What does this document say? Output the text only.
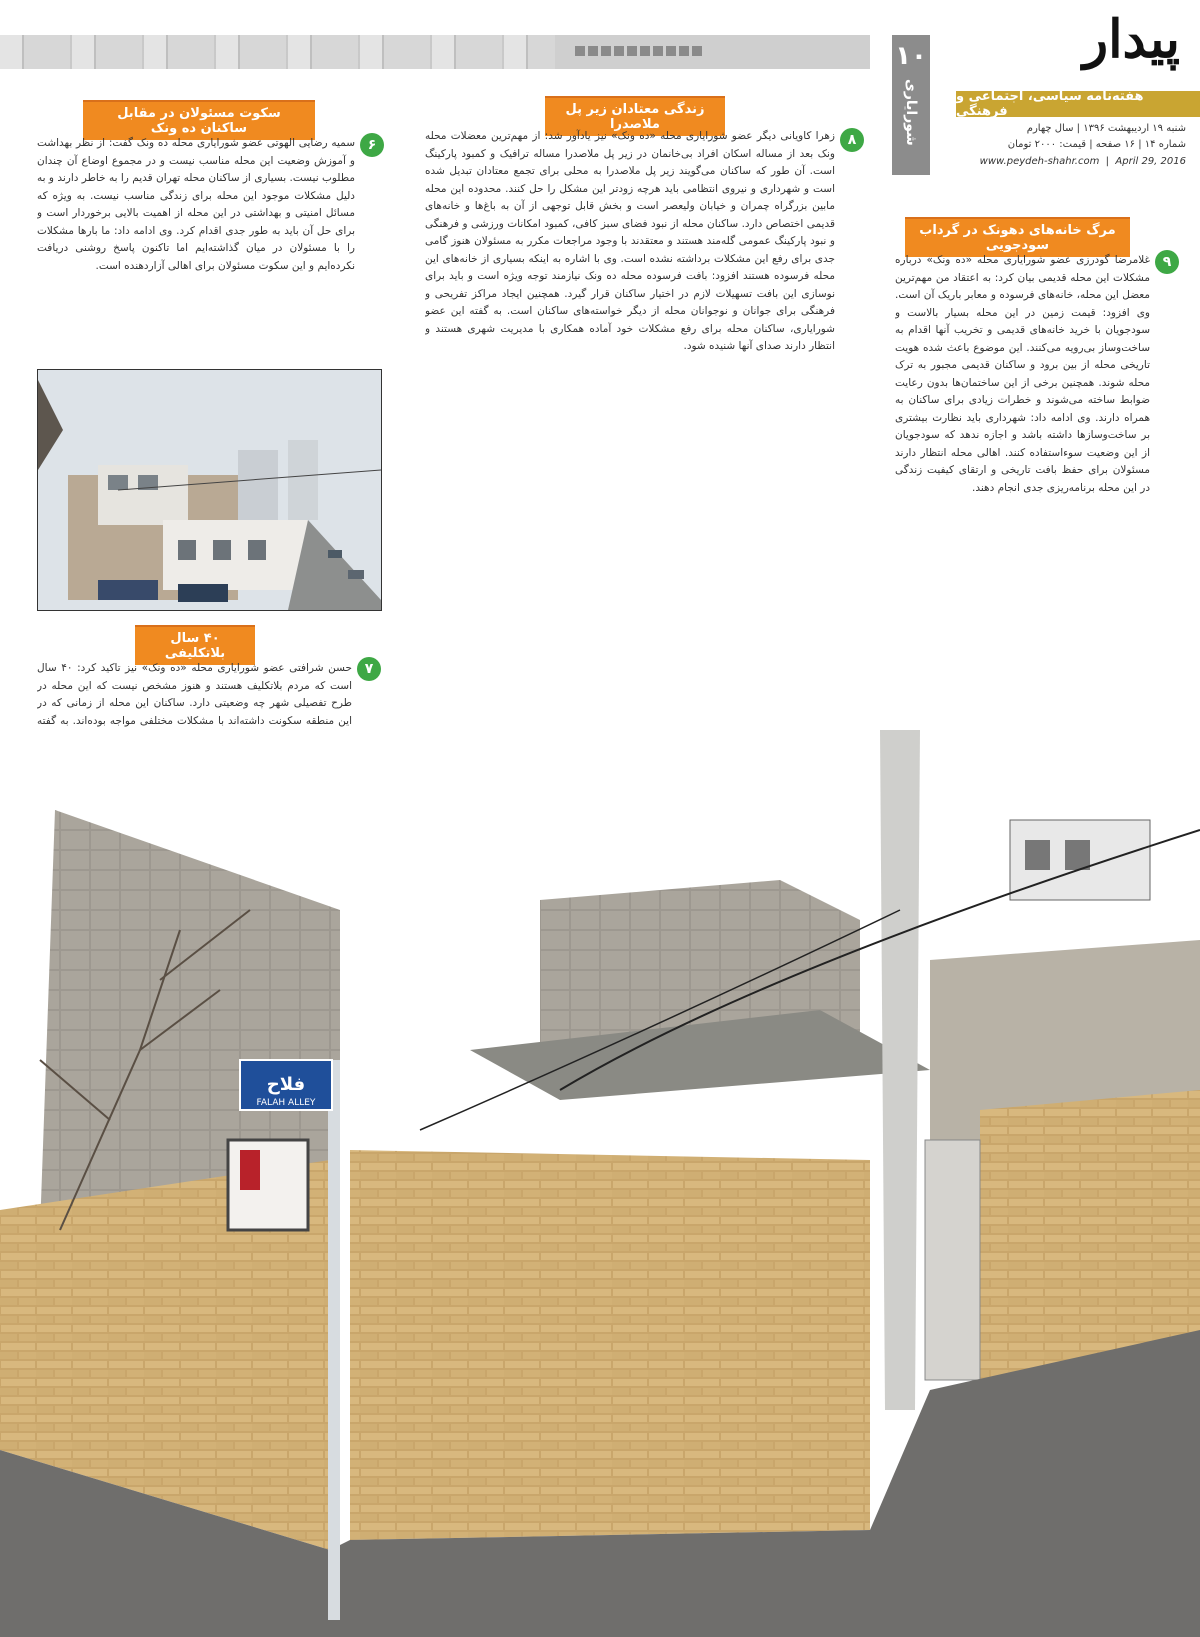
۱۰
شورایاری
پیدار
هفته‌نامه سیاسی، اجتماعی و فرهنگی
شنبه ۱۹ اردیبهشت ۱۳۹۶ | سال چهارم
شماره ۱۴ | ۱۶ صفحه | قیمت: ۲۰۰۰ تومان
www.peydeh-shahr.com  |  April 29, 2016
زندگی معتادان زیر پل ملاصدرا
۸
زهرا کاویانی دیگر عضو شورایاری محله «ده ونک» نیز یادآور شد: از مهم‌ترین معضلات محله ونک بعد از مساله اسکان افراد بی‌خانمان در زیر پل ملاصدرا مساله ترافیک و کمبود پارکینگ است. آن طور که ساکنان می‌گویند زیر پل ملاصدرا به محلی برای تجمع معتادان تبدیل شده است و شهرداری و نیروی انتظامی باید هرچه زودتر این مشکل را حل کنند. محدوده این محله مابین بزرگراه چمران و خیابان ولیعصر است و بخش قابل توجهی از آن به باغ‌ها و خانه‌های قدیمی اختصاص دارد. ساکنان محله از نبود فضای سبز کافی، کمبود امکانات ورزشی و فرهنگی و نبود پارکینگ عمومی گله‌مند هستند و معتقدند با وجود مراجعات مکرر به مسئولان هنوز گامی جدی برای رفع این مشکلات برداشته نشده است. وی با اشاره به اینکه بسیاری از خانه‌های این محله فرسوده هستند افزود: بافت فرسوده محله ده ونک نیازمند توجه ویژه است و باید برای نوسازی این بافت تسهیلات لازم در اختیار ساکنان قرار گیرد. همچنین ایجاد مراکز تفریحی و فرهنگی برای جوانان و نوجوانان محله از دیگر خواسته‌های ساکنان است. به گفته این عضو شورایاری، ساکنان محله برای رفع مشکلات خود آماده همکاری با مدیریت شهری هستند و انتظار دارند صدای آنها شنیده شود.
سکوت مسئولان در مقابل ساکنان ده ونک
۶
سمیه رضایی الهوتی عضو شورایاری محله ده ونک گفت: از نظر بهداشت و آموزش وضعیت این محله مناسب نیست و در مجموع اوضاع آن چندان مطلوب نیست. بسیاری از ساکنان محله تهران قدیم را به خاطر دارند و به دلیل مشکلات موجود این محله برای زندگی مناسب نیست. به ویژه که مسائل امنیتی و بهداشتی در این محله از اهمیت بالایی برخوردار است و برای حل آن باید به طور جدی اقدام کرد. وی ادامه داد: ما بارها مشکلات را با مسئولان در میان گذاشته‌ایم اما تاکنون پاسخ روشنی دریافت نکرده‌ایم و این سکوت مسئولان برای اهالی آزاردهنده است.
۴۰ سال بلاتکلیفی
۷
حسن شرافتی عضو شورایاری محله «ده ونک» نیز تاکید کرد: ۴۰ سال است که مردم بلاتکلیف هستند و هنوز مشخص نیست که این محله در طرح تفصیلی شهر چه وضعیتی دارد. ساکنان این محله از زمانی که در این منطقه سکونت داشته‌اند با مشکلات مختلفی مواجه بوده‌اند. به گفته
مرگ خانه‌های دهونک در گرداب سودجویی
۹
غلامرضا گودرزی عضو شورایاری محله «ده ونک» درباره مشکلات این محله قدیمی بیان کرد: به اعتقاد من مهم‌ترین معضل این محله، خانه‌های فرسوده و معابر باریک آن است. وی افزود: قیمت زمین در این محله بسیار بالاست و سودجویان با خرید خانه‌های قدیمی و تخریب آنها اقدام به ساخت‌وساز بی‌رویه می‌کنند. این موضوع باعث شده هویت تاریخی محله از بین برود و ساکنان قدیمی مجبور به ترک محله شوند. همچنین برخی از این ساختمان‌ها بدون رعایت ضوابط ساخته می‌شوند و خطرات زیادی برای ساکنان به همراه دارند. وی ادامه داد: شهرداری باید نظارت بیشتری بر ساخت‌وسازها داشته باشد و اجازه ندهد که سودجویان از این وضعیت سوءاستفاده کنند. اهالی محله انتظار دارند مسئولان برای حفظ بافت تاریخی و ارتقای کیفیت زندگی در این محله برنامه‌ریزی جدی انجام دهند.
فلاح
FALAH ALLEY
